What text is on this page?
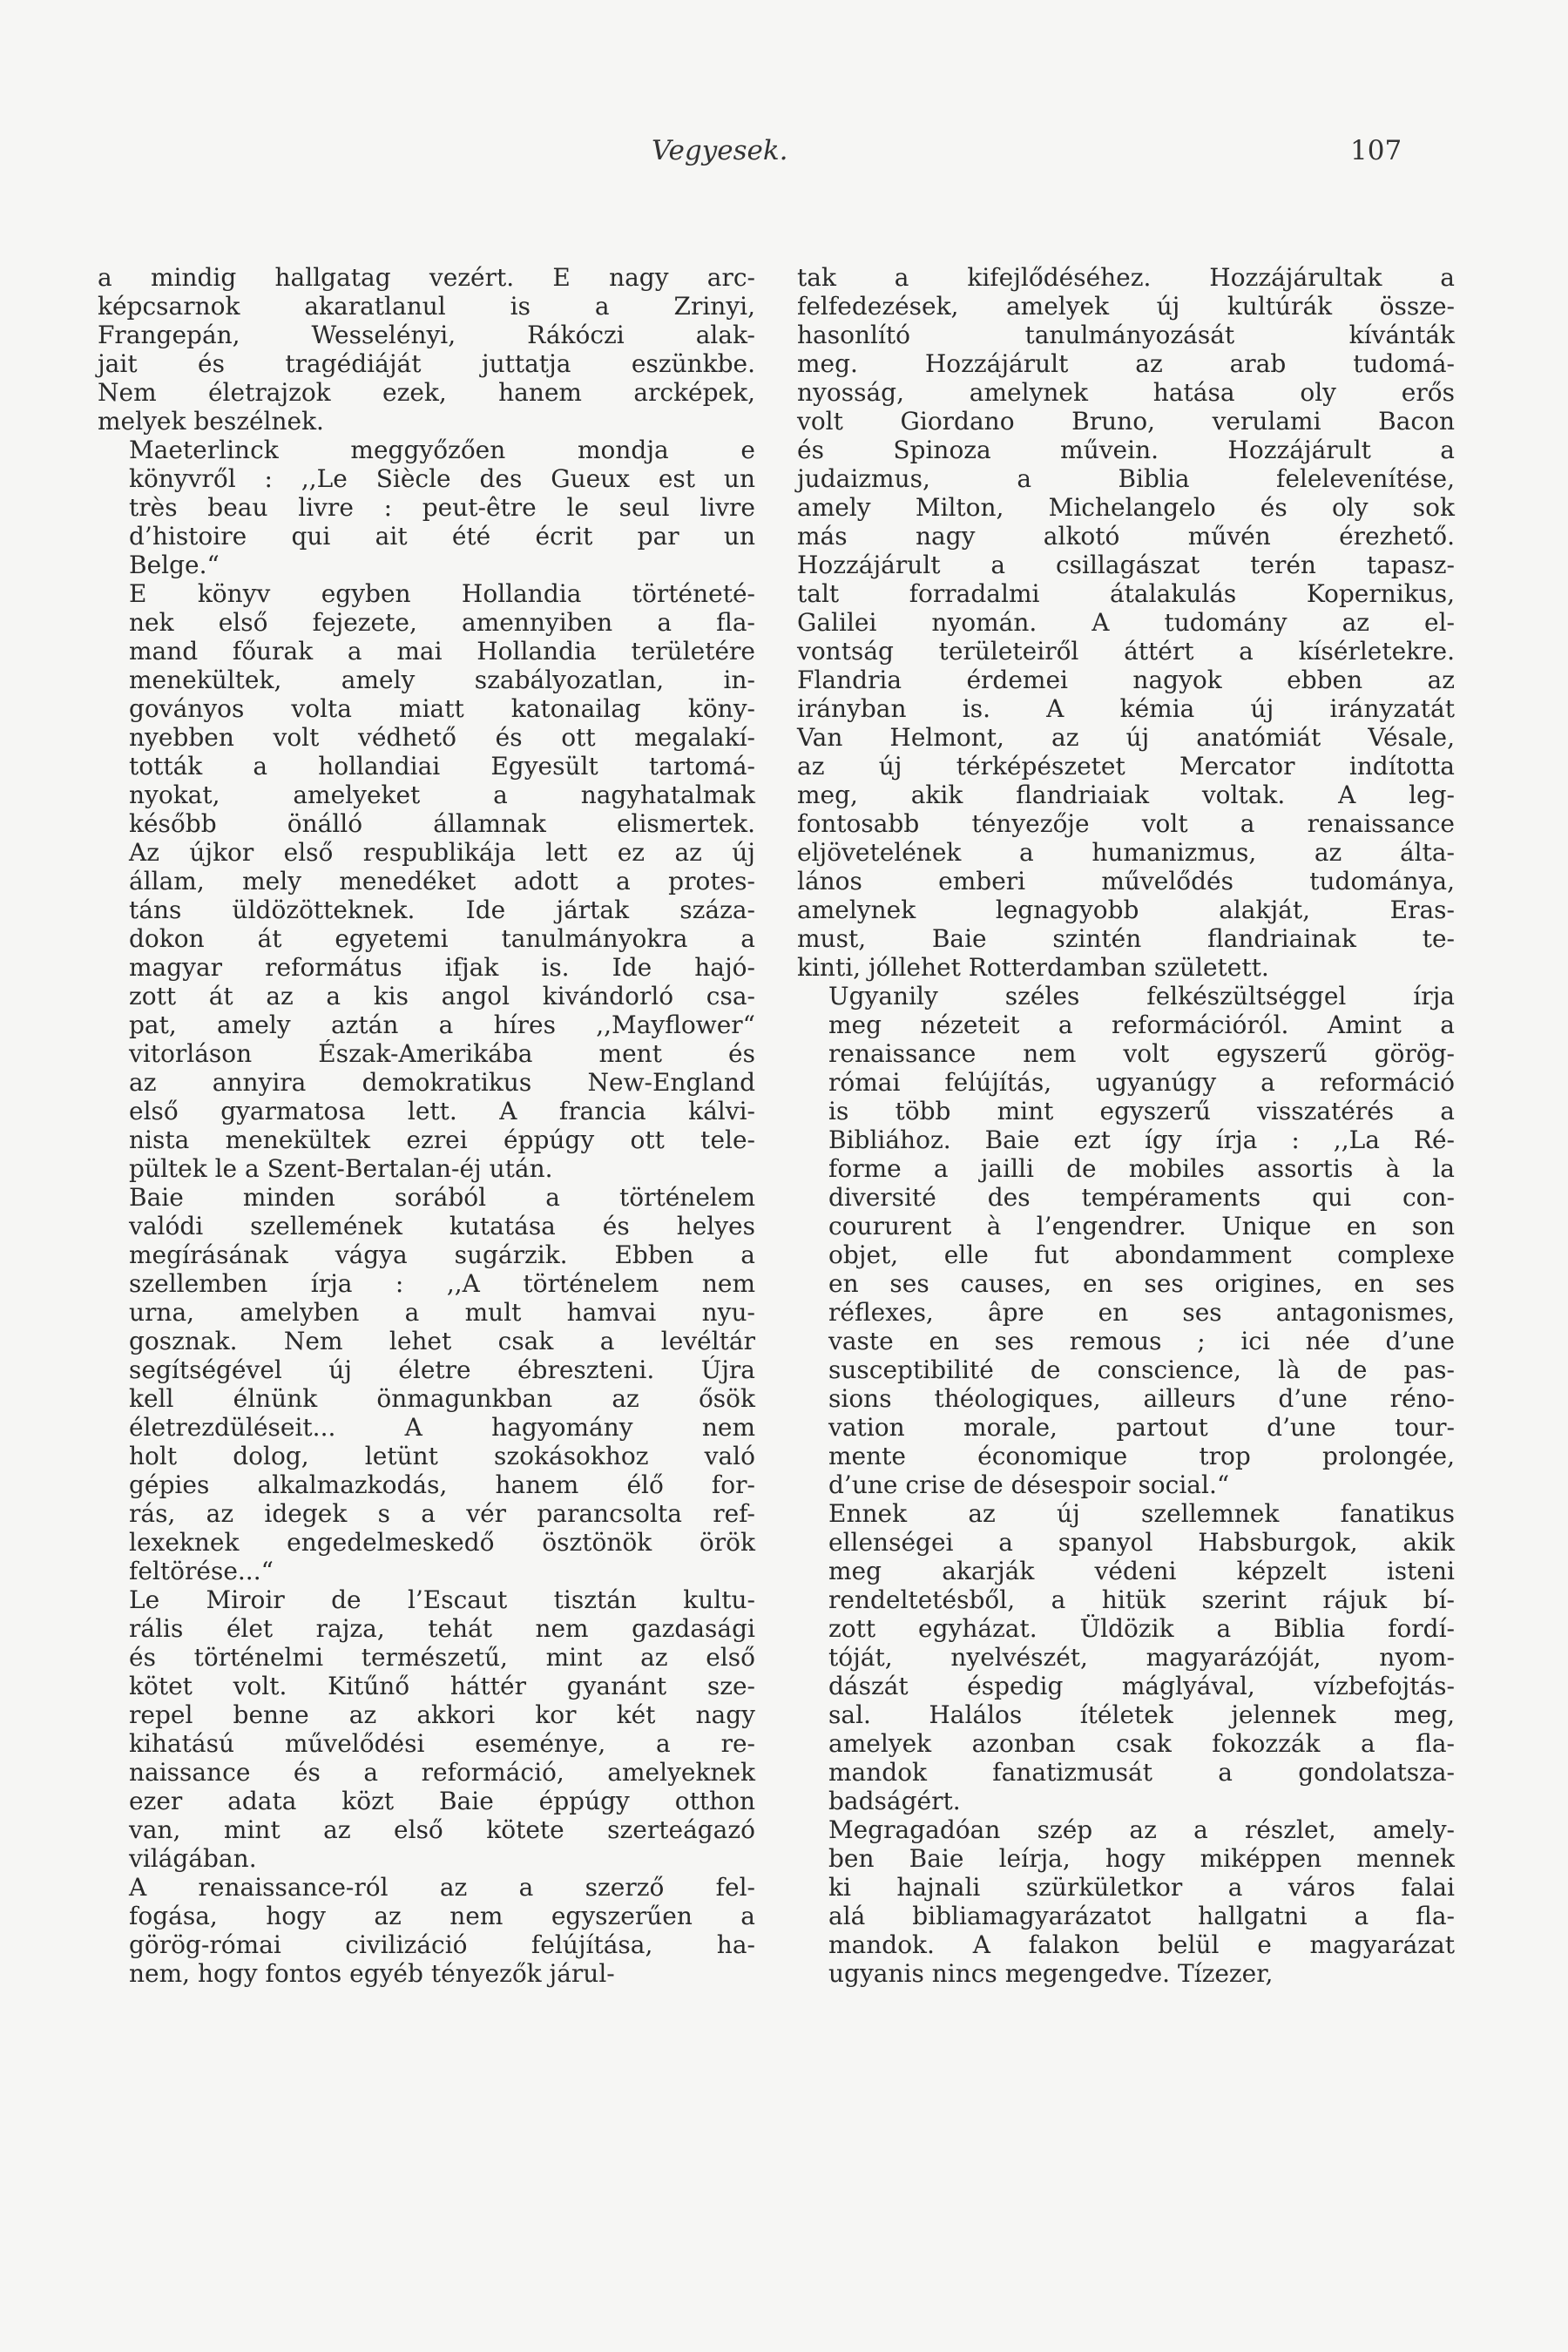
Vegyesek.	107

a mindig hallgatag vezért. E nagy arc-
képcsarnok akaratlanul is a Zrinyi,
Frangepán, Wesselényi, Rákóczi alak-
jait és tragédiáját juttatja eszünkbe.
Nem életrajzok ezek, hanem arcképek,
melyek beszélnek.

Maeterlinck meggyőzően mondja e
könyvről : ,,Le Siècle des Gueux est un
très beau livre : peut-être le seul livre
d’histoire qui ait été écrit par un
Belge.“

E könyv egyben Hollandia történeté-
nek első fejezete, amennyiben a fla-
mand főurak a mai Hollandia területére
menekültek, amely szabályozatlan, in-
goványos volta miatt katonailag köny-
nyebben volt védhető és ott megalakí-
tották a hollandiai Egyesült tartomá-
nyokat, amelyeket a nagyhatalmak
később önálló államnak elismertek.
Az újkor első respublikája lett ez az új
állam, mely menedéket adott a protes-
táns üldözötteknek. Ide jártak száza-
dokon át egyetemi tanulmányokra a
magyar református ifjak is. Ide hajó-
zott át az a kis angol kivándorló csa-
pat, amely aztán a híres ,,Mayflower“
vitorláson Észak-Amerikába ment és
az annyira demokratikus New-England
első gyarmatosa lett. A francia kálvi-
nista menekültek ezrei éppúgy ott tele-
pültek le a Szent-Bertalan-éj után.

Baie minden sorából a történelem
valódi szellemének kutatása és helyes
megírásának vágya sugárzik. Ebben a
szellemben írja : ,,A történelem nem
urna, amelyben a mult hamvai nyu-
gosznak. Nem lehet csak a levéltár
segítségével új életre ébreszteni. Újra
kell élnünk önmagunkban az ősök
életrezdüléseit... A hagyomány nem
holt dolog, letünt szokásokhoz való
gépies alkalmazkodás, hanem élő for-
rás, az idegek s a vér parancsolta ref-
lexeknek engedelmeskedő ösztönök örök
feltörése...“

Le Miroir de l’Escaut tisztán kultu-
rális élet rajza, tehát nem gazdasági
és történelmi természetű, mint az első
kötet volt. Kitűnő háttér gyanánt sze-
repel benne az akkori kor két nagy
kihatású művelődési eseménye, a re-
naissance és a reformáció, amelyeknek
ezer adata közt Baie éppúgy otthon
van, mint az első kötete szerteágazó
világában.

A renaissance-ról az a szerző fel-
fogása, hogy az nem egyszerűen a
görög-római civilizáció felújítása, ha-
nem, hogy fontos egyéb tényezők járul-

tak a kifejlődéséhez. Hozzájárultak a
felfedezések, amelyek új kultúrák össze-
hasonlító tanulmányozását kívánták
meg. Hozzájárult az arab tudomá-
nyosság, amelynek hatása oly erős
volt Giordano Bruno, verulami Bacon
és Spinoza művein. Hozzájárult a
judaizmus, a Biblia felelevenítése,
amely Milton, Michelangelo és oly sok
más nagy alkotó művén érezhető.
Hozzájárult a csillagászat terén tapasz-
talt forradalmi átalakulás Kopernikus,
Galilei nyomán. A tudomány az el-
vontság területeiről áttért a kísérletekre.
Flandria érdemei nagyok ebben az
irányban is. A kémia új irányzatát
Van Helmont, az új anatómiát Vésale,
az új térképészetet Mercator indította
meg, akik flandriaiak voltak. A leg-
fontosabb tényezője volt a renaissance
eljövetelének a humanizmus, az álta-
lános emberi művelődés tudománya,
amelynek legnagyobb alakját, Eras-
must, Baie szintén flandriainak te-
kinti, jóllehet Rotterdamban született.

Ugyanily széles felkészültséggel írja
meg nézeteit a reformációról. Amint a
renaissance nem volt egyszerű görög-
római felújítás, ugyanúgy a reformáció
is több mint egyszerű visszatérés a
Bibliához. Baie ezt így írja : ,,La Ré-
forme a jailli de mobiles assortis à la
diversité des tempéraments qui con-
coururent à l’engendrer. Unique en son
objet, elle fut abondamment complexe
en ses causes, en ses origines, en ses
réflexes, âpre en ses antagonismes,
vaste en ses remous ; ici née d’une
susceptibilité de conscience, là de pas-
sions théologiques, ailleurs d’une réno-
vation morale, partout d’une tour-
mente économique trop prolongée,
d’une crise de désespoir social.“

Ennek az új szellemnek fanatikus
ellenségei a spanyol Habsburgok, akik
meg akarják védeni képzelt isteni
rendeltetésből, a hitük szerint rájuk bí-
zott egyházat. Üldözik a Biblia fordí-
tóját, nyelvészét, magyarázóját, nyom-
dászát éspedig máglyával, vízbefojtás-
sal. Halálos ítéletek jelennek meg,
amelyek azonban csak fokozzák a fla-
mandok fanatizmusát a gondolatsza-
badságért.

Megragadóan szép az a részlet, amely-
ben Baie leírja, hogy miképpen mennek
ki hajnali szürkületkor a város falai
alá bibliamagyarázatot hallgatni a fla-
mandok. A falakon belül e magyarázat
ugyanis nincs megengedve. Tízezer,
